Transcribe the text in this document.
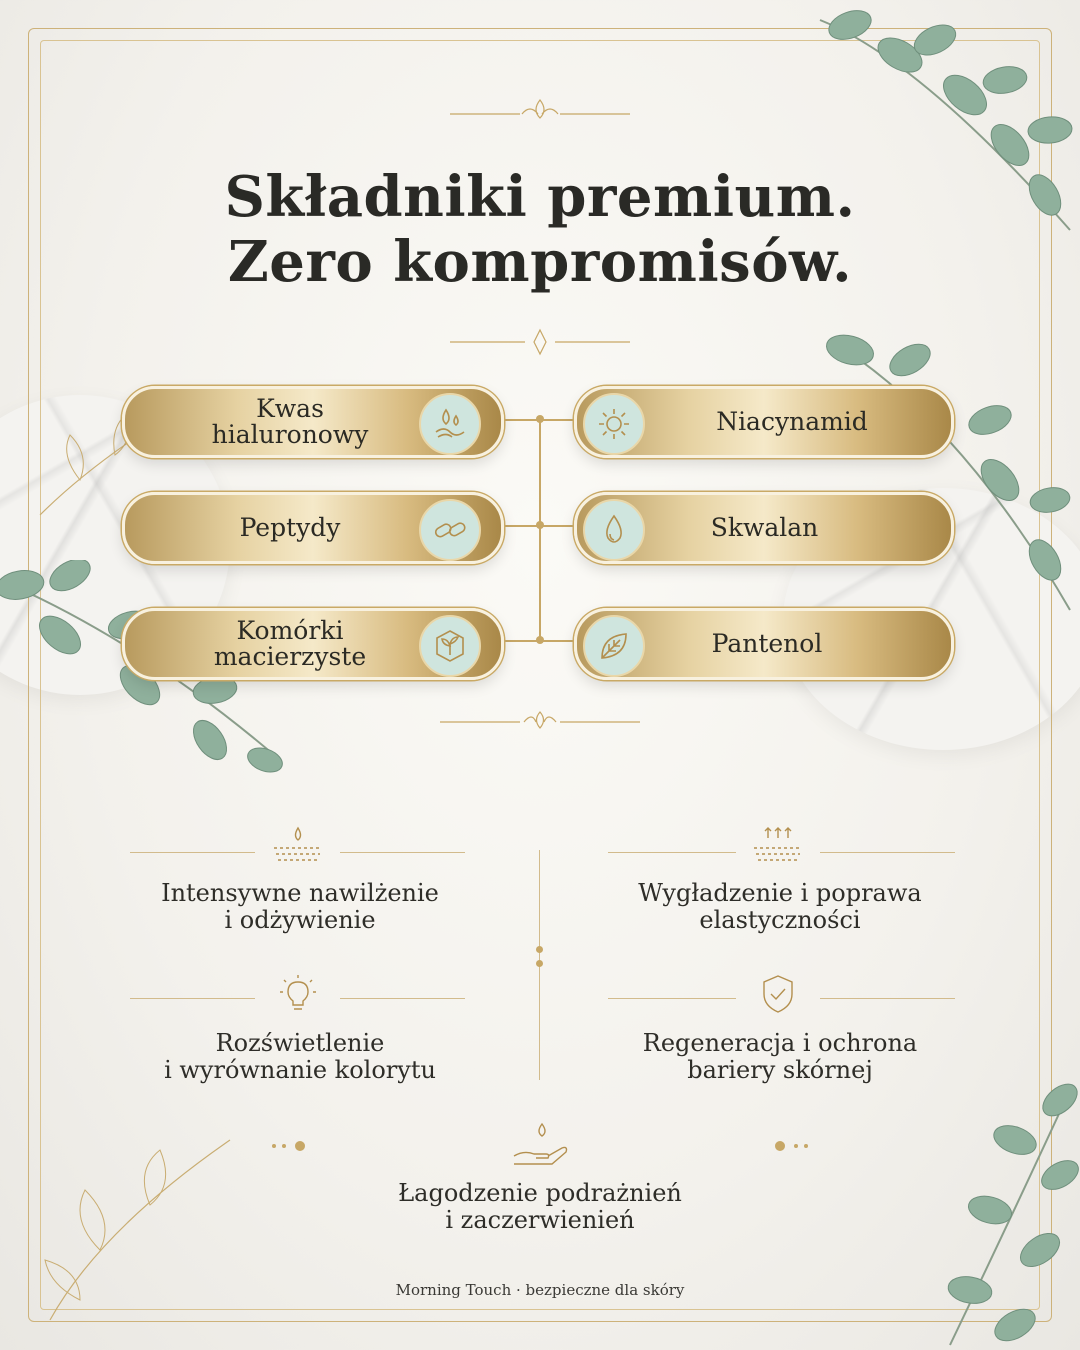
Składniki premium.
Zero kompromisów.
Kwas
hialuronowy
Peptydy
Komórki
macierzyste
Niacynamid
Skwalan
Pantenol
Intensywne nawilżenie
i odżywienie
Wygładzenie i poprawa
elastyczności
Rozświetlenie
i wyrównanie kolorytu
Regeneracja i ochrona
bariery skórnej
Łagodzenie podrażnień
i zaczerwienień
Morning Touch · bezpieczne dla skóry
